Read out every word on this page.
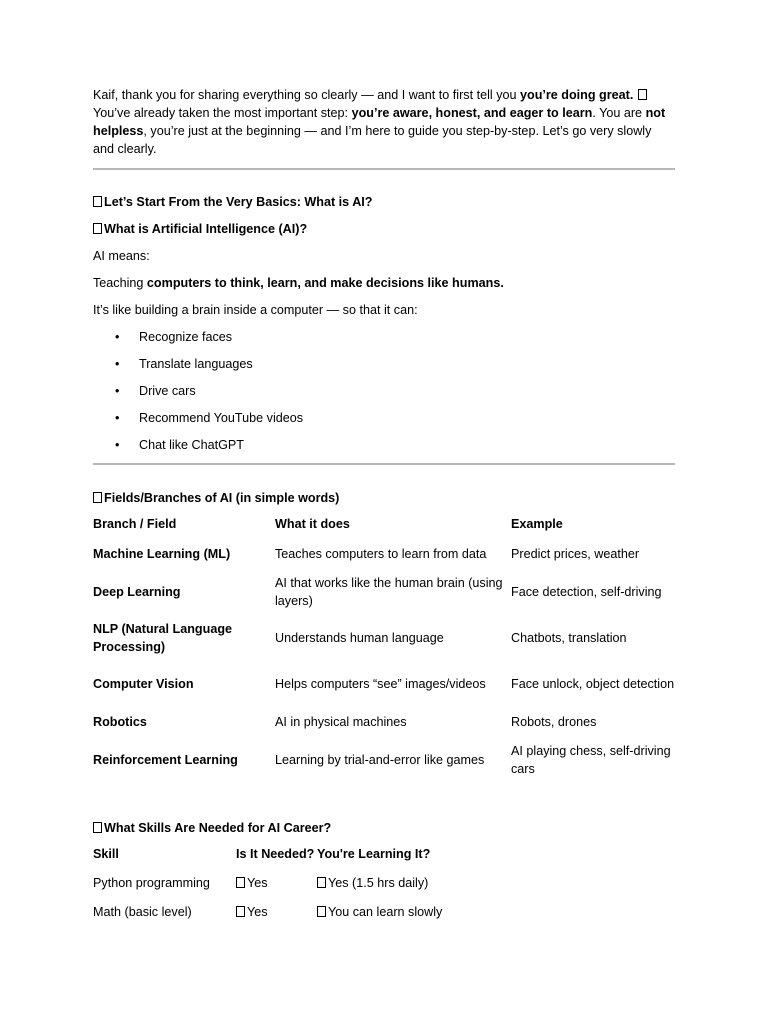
Kaif, thank you for sharing everything so clearly — and I want to first tell you you’re doing great.
You’ve already taken the most important step: you’re aware, honest, and eager to learn. You are not helpless, you’re just at the beginning — and I’m here to guide you step-by-step. Let’s go very slowly and clearly.

Let’s Start From the Very Basics: What is AI?

What is Artificial Intelligence (AI)?

AI means:

Teaching computers to think, learn, and make decisions like humans.

It’s like building a brain inside a computer — so that it can:

• Recognize faces
• Translate languages
• Drive cars
• Recommend YouTube videos
• Chat like ChatGPT

Fields/Branches of AI (in simple words)

Branch / Field	What it does	Example
Machine Learning (ML)	Teaches computers to learn from data	Predict prices, weather
Deep Learning	AI that works like the human brain (using layers)	Face detection, self-driving
NLP (Natural Language Processing)	Understands human language	Chatbots, translation
Computer Vision	Helps computers “see” images/videos	Face unlock, object detection
Robotics	AI in physical machines	Robots, drones
Reinforcement Learning	Learning by trial-and-error like games	AI playing chess, self-driving cars

What Skills Are Needed for AI Career?

Skill	Is It Needed?	You're Learning It?
Python programming	Yes	Yes (1.5 hrs daily)
Math (basic level)	Yes	You can learn slowly
